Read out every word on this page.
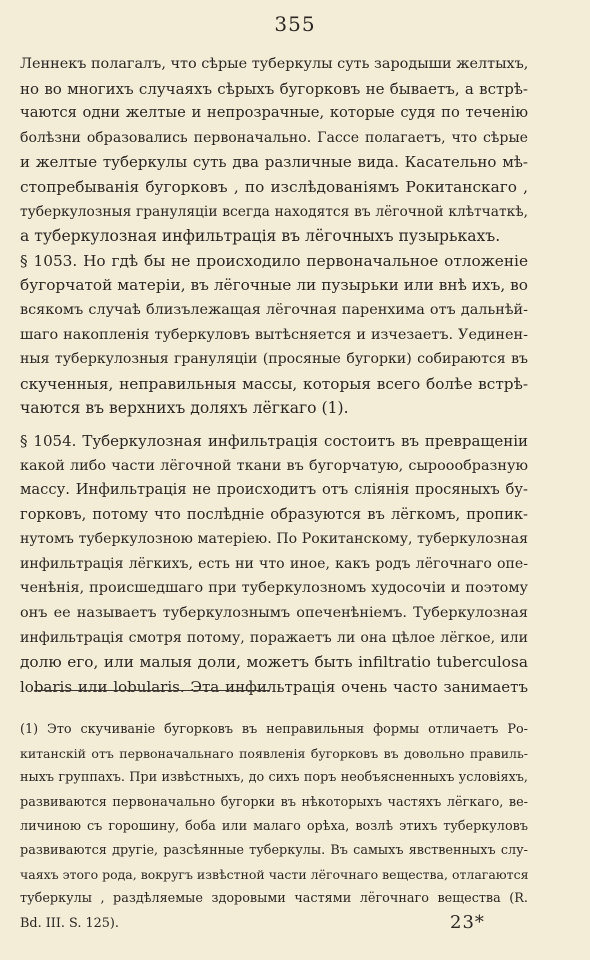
355
Леннекъ полагалъ, что сѣрые туберкулы суть зародыши желтыхъ,
но во многихъ случаяхъ сѣрыхъ бугорковъ не бываетъ, а встрѣ-
чаются одни желтые и непрозрачные, которые судя по теченію
болѣзни образовались первоначально. Гассе полагаетъ, что сѣрые
и желтые туберкулы суть два различные вида. Касательно мѣ-
стопребыванія бугорковъ , по изслѣдованіямъ Рокитанскаго ,
туберкулозныя грануляціи всегда находятся въ лёгочной клѣтчаткѣ,
а туберкулозная инфильтрація въ лёгочныхъ пузырькахъ.
§ 1053. Но гдѣ бы не происходило первоначальное отложеніе
бугорчатой матеріи, въ лёгочные ли пузырьки или внѣ ихъ, во
всякомъ случаѣ близълежащая лёгочная паренхима отъ дальнѣй-
шаго накопленія туберкуловъ вытѣсняется и изчезаетъ. Уединен-
ныя туберкулозныя грануляціи (просяные бугорки) собираются въ
скученныя, неправильныя массы, которыя всего болѣе встрѣ-
чаются въ верхнихъ доляхъ лёгкаго (1).
§ 1054. Туберкулозная инфильтрація состоитъ въ превращеніи
какой либо части лёгочной ткани въ бугорчатую, сыроообразную
массу. Инфильтрація не происходитъ отъ слiянія просяныхъ бу-
горковъ, потому что послѣдніе образуются въ лёгкомъ, пропик-
нутомъ туберкулозною матеріею. По Рокитанскому, туберкулозная
инфильтрація лёгкихъ, есть ни что иное, какъ родъ лёгочнаго опе-
ченѣнія, происшедшаго при туберкулозномъ худосочіи и поэтому
онъ ее называетъ туберкулознымъ опеченѣніемъ. Туберкулозная
инфильтрація смотря потому, поражаетъ ли она цѣлое лёгкое, или
долю его, или малыя доли, можетъ быть infiltratio tuberculosa
lobaris или lobularis. Эта инфильтрація очень часто занимаетъ
(1) Это скучиваніе бугорковъ въ неправильныя формы отличаетъ Ро-
китанскій отъ первоначальнаго появленія бугорковъ въ довольно правиль-
ныхъ группахъ. При извѣстныхъ, до сихъ поръ необъясненныхъ условіяхъ,
развиваются первоначально бугорки въ нѣкоторыхъ частяхъ лёгкаго, ве-
личиною съ горошину, боба или малаго орѣха, возлѣ этихъ туберкуловъ
развиваются другіе, разсѣянные туберкулы. Въ самыхъ явственныхъ слу-
чаяхъ этого рода, вокругъ извѣстной части лёгочнаго вещества, отлагаются
туберкулы , раздѣляемые здоровыми частями лёгочнаго вещества (R.
Bd. III. S. 125).	23*
